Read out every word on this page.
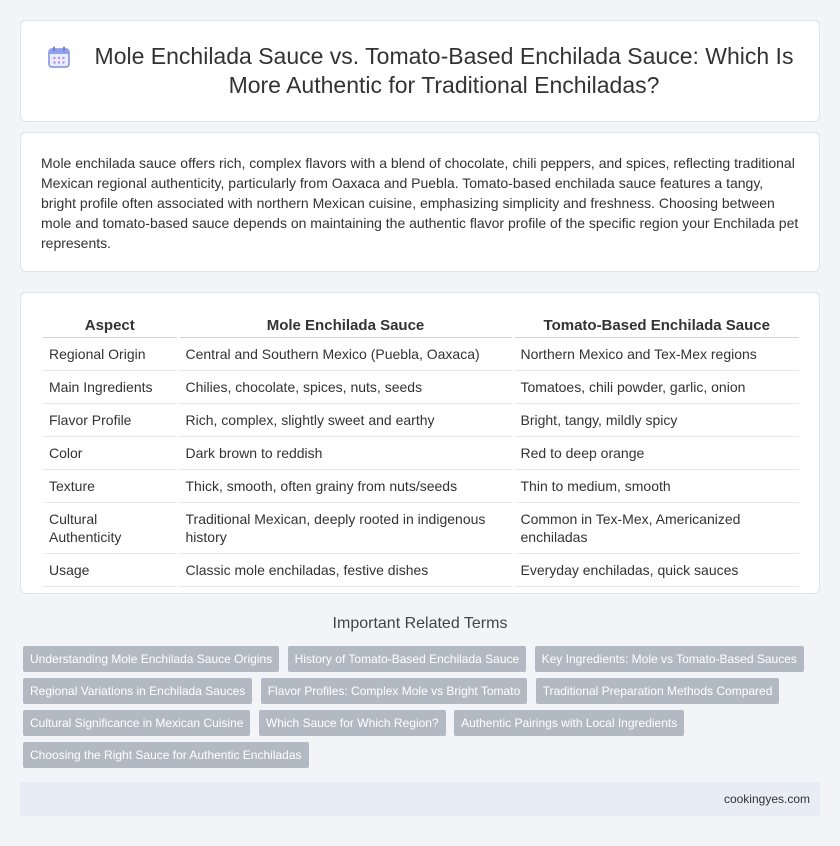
Mole Enchilada Sauce vs. Tomato-Based Enchilada Sauce: Which Is More Authentic for Traditional Enchiladas?

Mole enchilada sauce offers rich, complex flavors with a blend of chocolate, chili peppers, and spices, reflecting traditional Mexican regional authenticity, particularly from Oaxaca and Puebla. Tomato-based enchilada sauce features a tangy, bright profile often associated with northern Mexican cuisine, emphasizing simplicity and freshness. Choosing between mole and tomato-based sauce depends on maintaining the authentic flavor profile of the specific region your Enchilada pet represents.

Aspect	Mole Enchilada Sauce	Tomato-Based Enchilada Sauce
Regional Origin	Central and Southern Mexico (Puebla, Oaxaca)	Northern Mexico and Tex-Mex regions
Main Ingredients	Chilies, chocolate, spices, nuts, seeds	Tomatoes, chili powder, garlic, onion
Flavor Profile	Rich, complex, slightly sweet and earthy	Bright, tangy, mildly spicy
Color	Dark brown to reddish	Red to deep orange
Texture	Thick, smooth, often grainy from nuts/seeds	Thin to medium, smooth
Cultural Authenticity	Traditional Mexican, deeply rooted in indigenous history	Common in Tex-Mex, Americanized enchiladas
Usage	Classic mole enchiladas, festive dishes	Everyday enchiladas, quick sauces
Important Related Terms
Understanding Mole Enchilada Sauce Origins History of Tomato-Based Enchilada Sauce Key Ingredients: Mole vs Tomato-Based Sauces Regional Variations in Enchilada Sauces Flavor Profiles: Complex Mole vs Bright Tomato Traditional Preparation Methods Compared Cultural Significance in Mexican Cuisine Which Sauce for Which Region? Authentic Pairings with Local Ingredients Choosing the Right Sauce for Authentic Enchiladas
cookingyes.com
